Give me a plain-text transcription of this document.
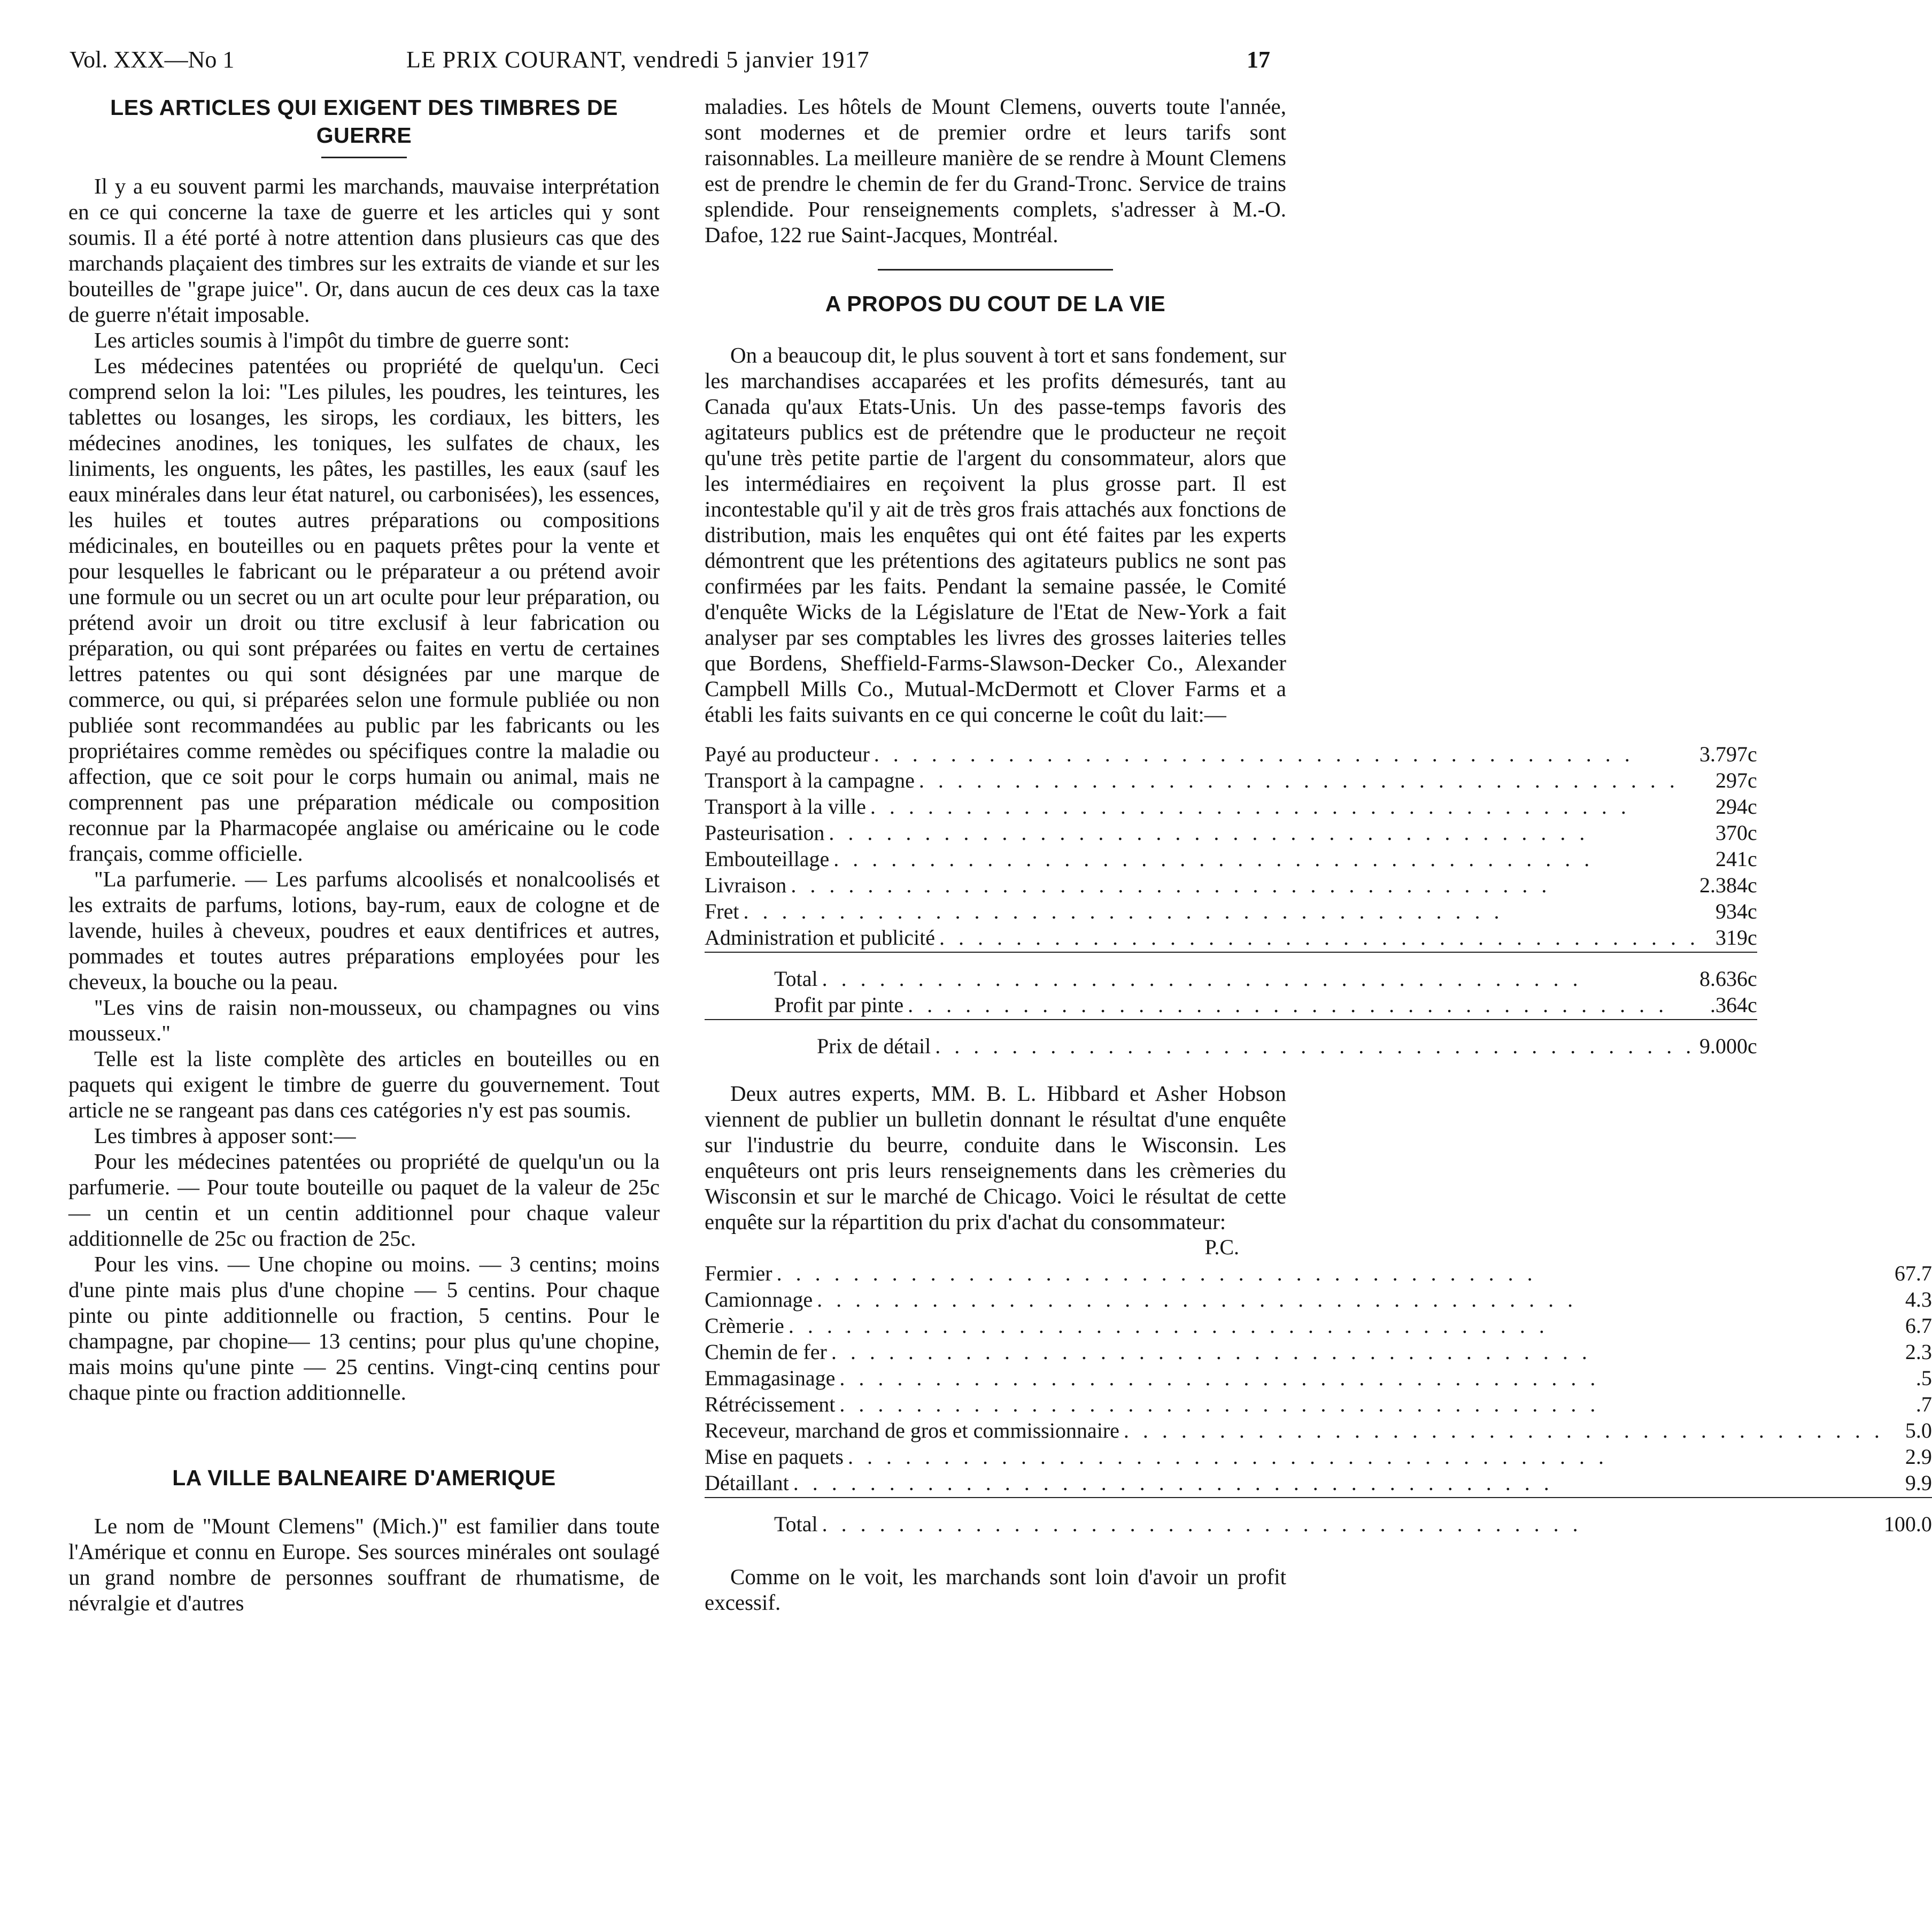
Vol. XXX—No 1	LE PRIX COURANT, vendredi 5 janvier 1917	17
LES ARTICLES QUI EXIGENT DES TIMBRES DE GUERRE

Il y a eu souvent parmi les marchands, mauvaise interprétation en ce qui concerne la taxe de guerre et les articles qui y sont soumis. Il a été porté à notre attention dans plusieurs cas que des marchands plaçaient des timbres sur les extraits de viande et sur les bouteilles de "grape juice". Or, dans aucun de ces deux cas la taxe de guerre n'était imposable.

Les articles soumis à l'impôt du timbre de guerre sont:

Les médecines patentées ou propriété de quelqu'un. Ceci comprend selon la loi: "Les pilules, les poudres, les teintures, les tablettes ou losanges, les sirops, les cordiaux, les bitters, les médecines anodines, les toniques, les sulfates de chaux, les liniments, les onguents, les pâtes, les pastilles, les eaux (sauf les eaux minérales dans leur état naturel, ou carbonisées), les essences, les huiles et toutes autres préparations ou compositions médicinales, en bouteilles ou en paquets prêtes pour la vente et pour lesquelles le fabricant ou le préparateur a ou prétend avoir une formule ou un secret ou un art oculte pour leur préparation, ou prétend avoir un droit ou titre exclusif à leur fabrication ou préparation, ou qui sont préparées ou faites en vertu de certaines lettres patentes ou qui sont désignées par une marque de commerce, ou qui, si préparées selon une formule publiée ou non publiée sont recommandées au public par les fabricants ou les propriétaires comme remèdes ou spécifiques contre la maladie ou affection, que ce soit pour le corps humain ou animal, mais ne comprennent pas une préparation médicale ou composition reconnue par la Pharmacopée anglaise ou américaine ou le code français, comme officielle.

"La parfumerie. — Les parfums alcoolisés et nonalcoolisés et les extraits de parfums, lotions, bay-rum, eaux de cologne et de lavende, huiles à cheveux, poudres et eaux dentifrices et autres, pommades et toutes autres préparations employées pour les cheveux, la bouche ou la peau.

"Les vins de raisin non-mousseux, ou champagnes ou vins mousseux."

Telle est la liste complète des articles en bouteilles ou en paquets qui exigent le timbre de guerre du gouvernement. Tout article ne se rangeant pas dans ces catégories n'y est pas soumis.

Les timbres à apposer sont:—

Pour les médecines patentées ou propriété de quelqu'un ou la parfumerie. — Pour toute bouteille ou paquet de la valeur de 25c — un centin et un centin additionnel pour chaque valeur additionnelle de 25c ou fraction de 25c.

Pour les vins. — Une chopine ou moins. — 3 centins; moins d'une pinte mais plus d'une chopine — 5 centins. Pour chaque pinte ou pinte additionnelle ou fraction, 5 centins. Pour le champagne, par chopine— 13 centins; pour plus qu'une chopine, mais moins qu'une pinte — 25 centins. Vingt-cinq centins pour chaque pinte ou fraction additionnelle.

LA VILLE BALNEAIRE D'AMERIQUE

Le nom de "Mount Clemens" (Mich.)" est familier dans toute l'Amérique et connu en Europe. Ses sources minérales ont soulagé un grand nombre de personnes souffrant de rhumatisme, de névralgie et d'autres

maladies. Les hôtels de Mount Clemens, ouverts toute l'année, sont modernes et de premier ordre et leurs tarifs sont raisonnables. La meilleure manière de se rendre à Mount Clemens est de prendre le chemin de fer du Grand-Tronc. Service de trains splendide. Pour renseignements complets, s'adresser à M.-O. Dafoe, 122 rue Saint-Jacques, Montréal.

A PROPOS DU COUT DE LA VIE

On a beaucoup dit, le plus souvent à tort et sans fondement, sur les marchandises accaparées et les profits démesurés, tant au Canada qu'aux Etats-Unis. Un des passe-temps favoris des agitateurs publics est de prétendre que le producteur ne reçoit qu'une très petite partie de l'argent du consommateur, alors que les intermédiaires en reçoivent la plus grosse part. Il est incontestable qu'il y ait de très gros frais attachés aux fonctions de distribution, mais les enquêtes qui ont été faites par les experts démontrent que les prétentions des agitateurs publics ne sont pas confirmées par les faits. Pendant la semaine passée, le Comité d'enquête Wicks de la Législature de l'Etat de New-York a fait analyser par ses comptables les livres des grosses laiteries telles que Bordens, Sheffield-Farms-Slawson-Decker Co., Alexander Campbell Mills Co., Mutual-McDermott et Clover Farms et a établi les faits suivants en ce qui concerne le coût du lait:—

Payé au producteur . . . . . . . . . . . . . . . . . . . . . . . . . . . . . . . . . . . . . . . .	3.797c

Transport à la campagne . . . . . . . . . . . . . . . . . . . . . . . . . . . . . . . . . . . . . . . .	297c

Transport à la ville . . . . . . . . . . . . . . . . . . . . . . . . . . . . . . . . . . . . . . . .	294c

Pasteurisation . . . . . . . . . . . . . . . . . . . . . . . . . . . . . . . . . . . . . . . .	370c

Embouteillage . . . . . . . . . . . . . . . . . . . . . . . . . . . . . . . . . . . . . . . .	241c

Livraison . . . . . . . . . . . . . . . . . . . . . . . . . . . . . . . . . . . . . . . .	2.384c

Fret . . . . . . . . . . . . . . . . . . . . . . . . . . . . . . . . . . . . . . . .	934c

Administration et publicité . . . . . . . . . . . . . . . . . . . . . . . . . . . . . . . . . . . . . . . .	319c

Total . . . . . . . . . . . . . . . . . . . . . . . . . . . . . . . . . . . . . . . .	8.636c

Profit par pinte . . . . . . . . . . . . . . . . . . . . . . . . . . . . . . . . . . . . . . . .	.364c

Prix de détail . . . . . . . . . . . . . . . . . . . . . . . . . . . . . . . . . . . . . . . .	9.000c

Deux autres experts, MM. B. L. Hibbard et Asher Hobson viennent de publier un bulletin donnant le résultat d'une enquête sur l'industrie du beurre, conduite dans le Wisconsin. Les enquêteurs ont pris leurs renseignements dans les crèmeries du Wisconsin et sur le marché de Chicago. Voici le résultat de cette enquête sur la répartition du prix d'achat du consommateur:

P.C.
Fermier . . . . . . . . . . . . . . . . . . . . . . . . . . . . . . . . . . . . . . . .	67.7

Camionnage . . . . . . . . . . . . . . . . . . . . . . . . . . . . . . . . . . . . . . . .	4.3

Crèmerie . . . . . . . . . . . . . . . . . . . . . . . . . . . . . . . . . . . . . . . .	6.7

Chemin de fer . . . . . . . . . . . . . . . . . . . . . . . . . . . . . . . . . . . . . . . .	2.3

Emmagasinage . . . . . . . . . . . . . . . . . . . . . . . . . . . . . . . . . . . . . . . .	.5

Rétrécissement . . . . . . . . . . . . . . . . . . . . . . . . . . . . . . . . . . . . . . . .	.7

Receveur, marchand de gros et commissionnaire . . . . . . . . . . . . . . . . . . . . . . . . . . . . . . . . . . . . . . . .	5.0

Mise en paquets . . . . . . . . . . . . . . . . . . . . . . . . . . . . . . . . . . . . . . . .	2.9

Détaillant . . . . . . . . . . . . . . . . . . . . . . . . . . . . . . . . . . . . . . . .	9.9

Total . . . . . . . . . . . . . . . . . . . . . . . . . . . . . . . . . . . . . . . .	100.0

Comme on le voit, les marchands sont loin d'avoir un profit excessif.
